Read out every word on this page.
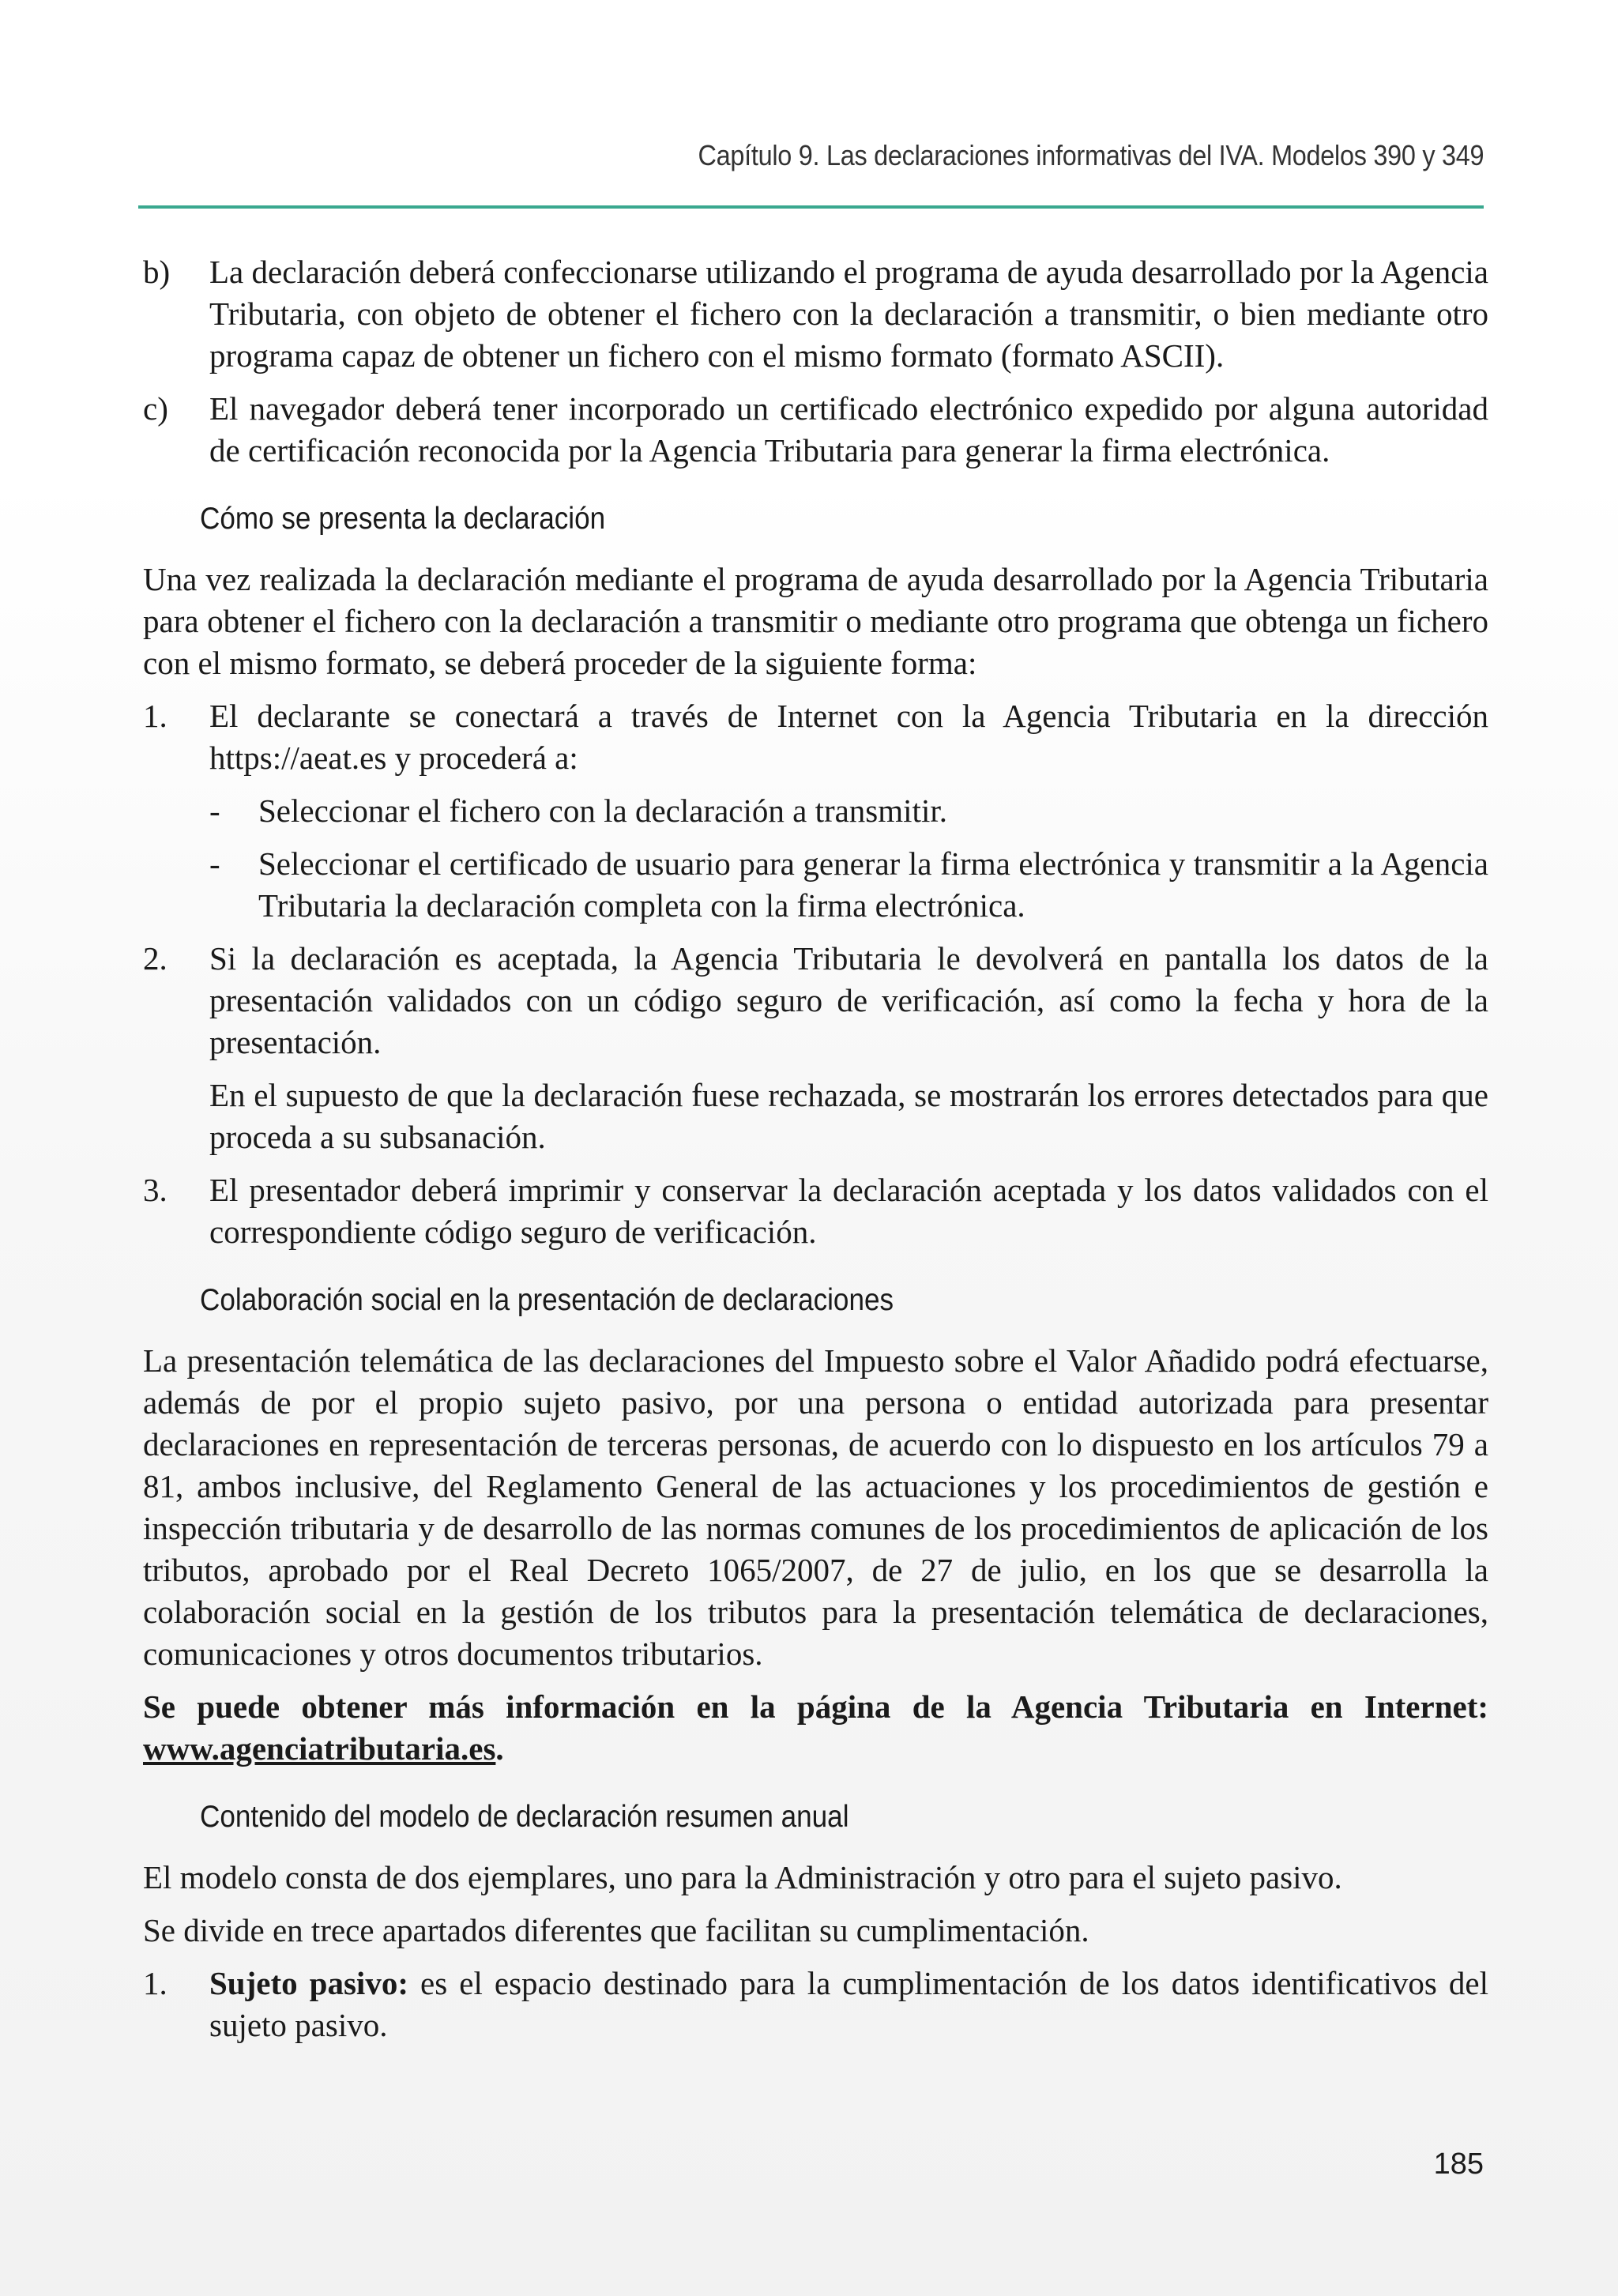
Capítulo 9. Las declaraciones informativas del IVA. Modelos 390 y 349
b) La declaración deberá confeccionarse utilizando el programa de ayuda desarrollado por la Agencia Tributaria, con objeto de obtener el fichero con la declaración a transmitir, o bien mediante otro programa capaz de obtener un fichero con el mismo formato (formato ASCII).
c) El navegador deberá tener incorporado un certificado electrónico expedido por alguna autoridad de certificación reconocida por la Agencia Tributaria para generar la firma electrónica.
Cómo se presenta la declaración

Una vez realizada la declaración mediante el programa de ayuda desarrollado por la Agencia Tributaria para obtener el fichero con la declaración a transmitir o mediante otro programa que obtenga un fichero con el mismo formato, se deberá proceder de la siguiente forma:

1. El declarante se conectará a través de Internet con la Agencia Tributaria en la dirección https://aeat.es y procederá a:
- Seleccionar el fichero con la declaración a transmitir.
- Seleccionar el certificado de usuario para generar la firma electrónica y transmitir a la Agencia Tributaria la declaración completa con la firma electrónica.
2. Si la declaración es aceptada, la Agencia Tributaria le devolverá en pantalla los datos de la presentación validados con un código seguro de verificación, así como la fecha y hora de la presentación.
En el supuesto de que la declaración fuese rechazada, se mostrarán los errores detectados para que proceda a su subsanación.
3. El presentador deberá imprimir y conservar la declaración aceptada y los datos validados con el correspondiente código seguro de verificación.
Colaboración social en la presentación de declaraciones

La presentación telemática de las declaraciones del Impuesto sobre el Valor Añadido podrá efectuarse, además de por el propio sujeto pasivo, por una persona o entidad autorizada para presentar declaraciones en representación de terceras personas, de acuerdo con lo dispuesto en los artículos 79 a 81, ambos inclusive, del Reglamento General de las actuaciones y los procedimientos de gestión e inspección tributaria y de desarrollo de las normas comunes de los procedimientos de aplicación de los tributos, aprobado por el Real Decreto 1065/2007, de 27 de julio, en los que se desarrolla la colaboración social en la gestión de los tributos para la presentación telemática de declaraciones, comunicaciones y otros documentos tributarios.

Se puede obtener más información en la página de la Agencia Tributaria en Internet: www.agenciatributaria.es.

Contenido del modelo de declaración resumen anual

El modelo consta de dos ejemplares, uno para la Administración y otro para el sujeto pasivo.

Se divide en trece apartados diferentes que facilitan su cumplimentación.

1. Sujeto pasivo: es el espacio destinado para la cumplimentación de los datos identificativos del sujeto pasivo.
185
